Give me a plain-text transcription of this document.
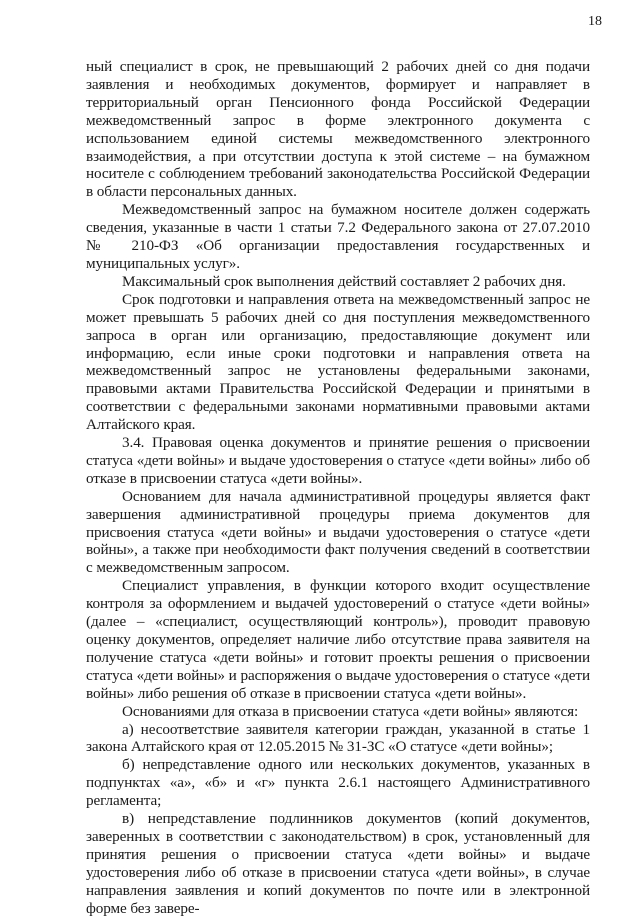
18

ный специалист в срок, не превышающий 2 рабочих дней со дня подачи заявления и необходимых документов, формирует и направляет в территориальный орган Пенсионного фонда Российской Федерации межведомственный запрос в форме электронного документа с использованием единой системы межведомственного электронного взаимодействия, а при отсутствии доступа к этой системе – на бумажном носителе с соблюдением требований законодательства Российской Федерации в области персональных данных.

Межведомственный запрос на бумажном носителе должен содержать сведения, указанные в части 1 статьи 7.2 Федерального закона от 27.07.2010 № 210-ФЗ «Об организации предоставления государственных и муниципальных услуг».

Максимальный срок выполнения действий составляет 2 рабочих дня.

Срок подготовки и направления ответа на межведомственный запрос не может превышать 5 рабочих дней со дня поступления межведомственного запроса в орган или организацию, предоставляющие документ или информацию, если иные сроки подготовки и направления ответа на межведомственный запрос не установлены федеральными законами, правовыми актами Правительства Российской Федерации и принятыми в соответствии с федеральными законами нормативными правовыми актами Алтайского края.

3.4. Правовая оценка документов и принятие решения о присвоении статуса «дети войны» и выдаче удостоверения о статусе «дети войны» либо об отказе в присвоении статуса «дети войны».

Основанием для начала административной процедуры является факт завершения административной процедуры приема документов для присвоения статуса «дети войны» и выдачи удостоверения о статусе «дети войны», а также при необходимости факт получения сведений в соответствии с межведомственным запросом.

Специалист управления, в функции которого входит осуществление контроля за оформлением и выдачей удостоверений о статусе «дети войны» (далее – «специалист, осуществляющий контроль»), проводит правовую оценку документов, определяет наличие либо отсутствие права заявителя на получение статуса «дети войны» и готовит проекты решения о присвоении статуса «дети войны» и распоряжения о выдаче удостоверения о статусе «дети войны» либо решения об отказе в присвоении статуса «дети войны».

Основаниями для отказа в присвоении статуса «дети войны» являются:

а) несоответствие заявителя категории граждан, указанной в статье 1 закона Алтайского края от 12.05.2015 № 31-ЗС «О статусе «дети войны»;

б) непредставление одного или нескольких документов, указанных в подпунктах «а», «б» и «г» пункта 2.6.1 настоящего Административного регламента;

в) непредставление подлинников документов (копий документов, заверенных в соответствии с законодательством) в срок, установленный для принятия решения о присвоении статуса «дети войны» и выдаче удостоверения либо об отказе в присвоении статуса «дети войны», в случае направления заявления и копий документов по почте или в электронной форме без завере-
